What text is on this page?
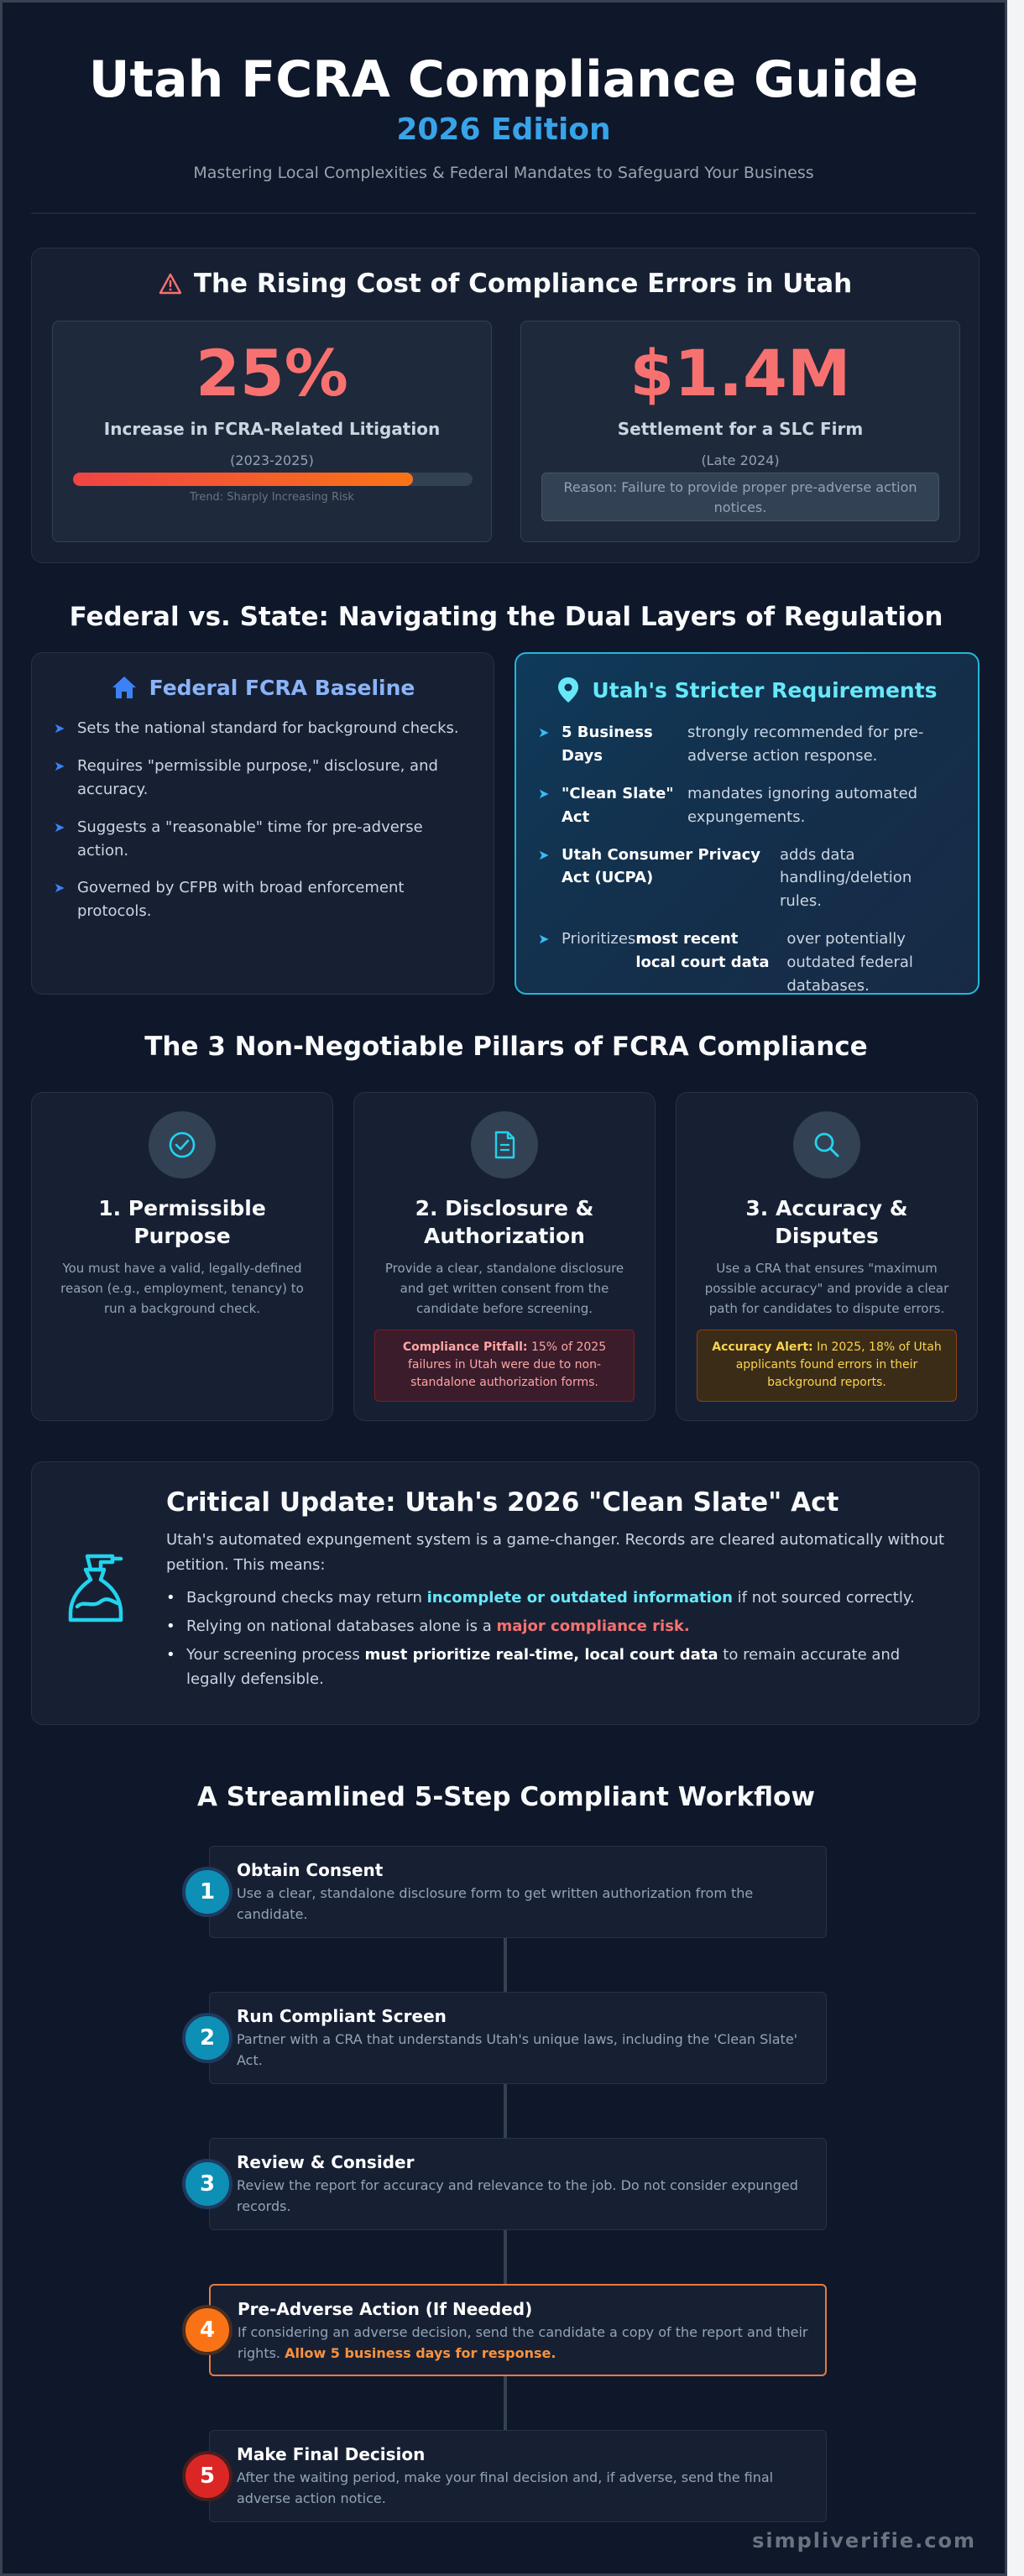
Utah FCRA Compliance Guide
2026 Edition
Mastering Local Complexities & Federal Mandates to Safeguard Your Business
The Rising Cost of Compliance Errors in Utah
25%
Increase in FCRA-Related Litigation
(2023-2025)
Trend: Sharply Increasing Risk
$1.4M
Settlement for a SLC Firm
(Late 2024)
Reason: Failure to provide proper pre-adverse action notices.
Federal vs. State: Navigating the Dual Layers of Regulation
Federal FCRA Baseline
➤ Sets the national standard for background checks.
➤ Requires "permissible purpose," disclosure, and accuracy.
➤ Suggests a "reasonable" time for pre-adverse action.
➤ Governed by CFPB with broad enforcement protocols.
Utah's Stricter Requirements
➤ 5 Business Days
strongly recommended for pre-adverse action response.
➤ "Clean Slate" Act
mandates ignoring automated expungements.
➤ Utah Consumer Privacy Act (UCPA)
adds data handling/deletion rules.
➤ Prioritizes most recent local court data
over potentially outdated federal databases.
The 3 Non-Negotiable Pillars of FCRA Compliance
1. Permissible Purpose
You must have a valid, legally-defined reason (e.g., employment, tenancy) to run a background check.
2. Disclosure & Authorization
Provide a clear, standalone disclosure and get written consent from the candidate before screening.
Compliance Pitfall: 15% of 2025 failures in Utah were due to non-standalone authorization forms.
3. Accuracy & Disputes
Use a CRA that ensures "maximum possible accuracy" and provide a clear path for candidates to dispute errors.
Accuracy Alert: In 2025, 18% of Utah applicants found errors in their background reports.
Critical Update: Utah's 2026 "Clean Slate" Act
Utah's automated expungement system is a game-changer. Records are cleared automatically without petition. This means:
• Background checks may return incomplete or outdated information if not sourced correctly.
• Relying on national databases alone is a major compliance risk.
• Your screening process must prioritize real-time, local court data to remain accurate and legally defensible.
A Streamlined 5-Step Compliant Workflow
Obtain Consent
Use a clear, standalone disclosure form to get written authorization from the candidate.
1
Run Compliant Screen
Partner with a CRA that understands Utah's unique laws, including the 'Clean Slate' Act.
2
Review & Consider
Review the report for accuracy and relevance to the job. Do not consider expunged records.
3
Pre-Adverse Action (If Needed)
If considering an adverse decision, send the candidate a copy of the report and their rights. Allow 5 business days for response.
4
Make Final Decision
After the waiting period, make your final decision and, if adverse, send the final adverse action notice.
5
simpliverifie.com
